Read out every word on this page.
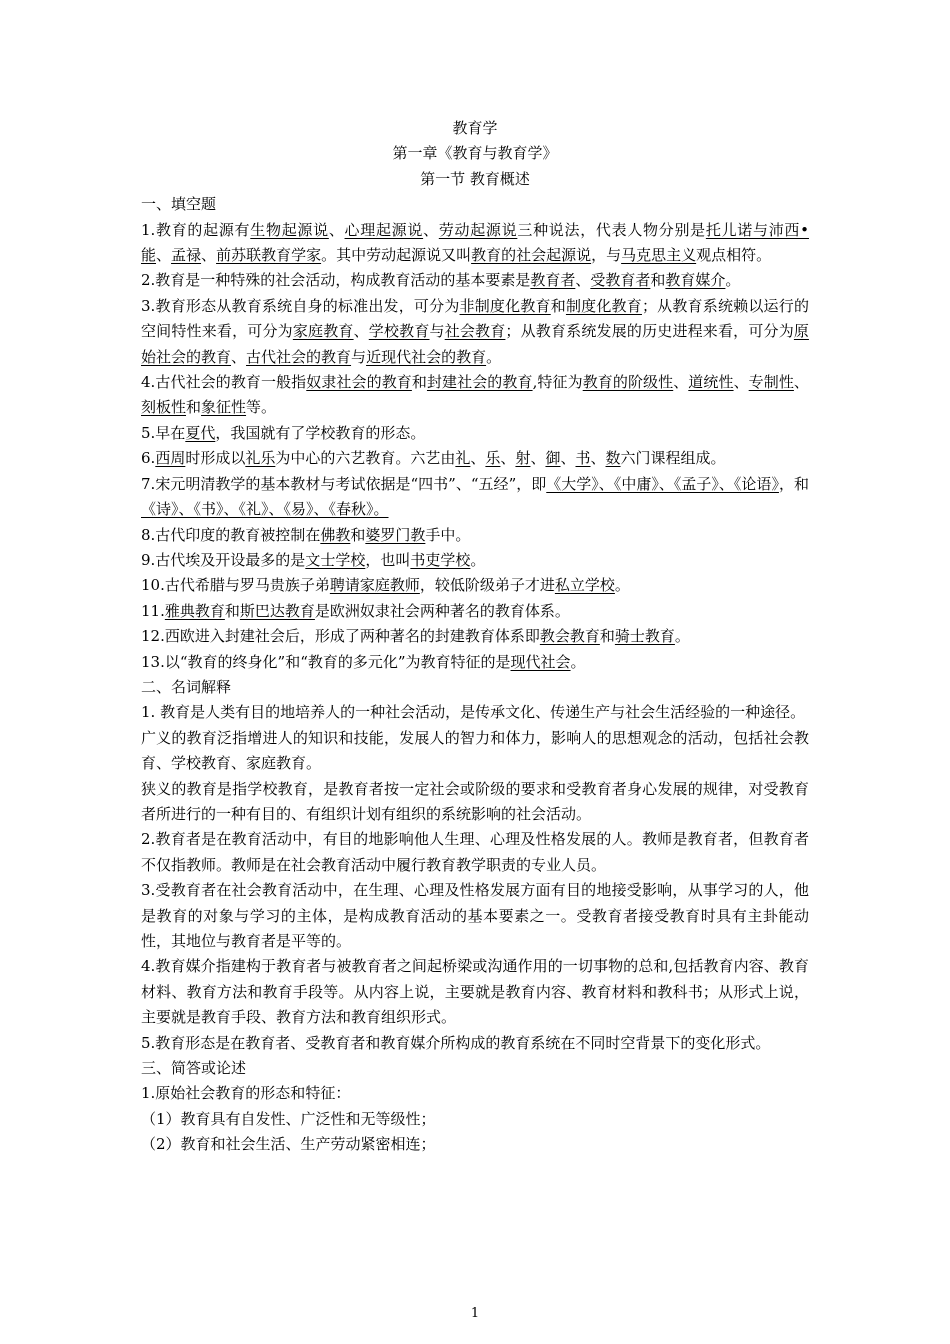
教育学
第一章《教育与教育学》
第一节 教育概述
一、填空题
1.教育的起源有生物起源说、心理起源说、劳动起源说三种说法，代表人物分别是托儿诺与沛西•能、孟禄、前苏联教育学家。其中劳动起源说又叫教育的社会起源说，与马克思主义观点相符。
2.教育是一种特殊的社会活动，构成教育活动的基本要素是教育者、受教育者和教育媒介。
3.教育形态从教育系统自身的标准出发，可分为非制度化教育和制度化教育；从教育系统赖以运行的空间特性来看，可分为家庭教育、学校教育与社会教育；从教育系统发展的历史进程来看，可分为原始社会的教育、古代社会的教育与近现代社会的教育。
4.古代社会的教育一般指奴隶社会的教育和封建社会的教育,特征为教育的阶级性、道统性、专制性、刻板性和象征性等。
5.早在夏代，我国就有了学校教育的形态。
6.西周时形成以礼乐为中心的六艺教育。六艺由礼、乐、射、御、书、数六门课程组成。
7.宋元明清教学的基本教材与考试依据是“四书”、“五经”，即《大学》、《中庸》、《孟子》、《论语》，和《诗》、《书》、《礼》、《易》、《春秋》。
8.古代印度的教育被控制在佛教和婆罗门教手中。
9.古代埃及开设最多的是文士学校，也叫书吏学校。
10.古代希腊与罗马贵族子弟聘请家庭教师，较低阶级弟子才进私立学校。
11.雅典教育和斯巴达教育是欧洲奴隶社会两种著名的教育体系。
12.西欧进入封建社会后，形成了两种著名的封建教育体系即教会教育和骑士教育。
13.以“教育的终身化”和“教育的多元化”为教育特征的是现代社会。
二、名词解释
1. 教育是人类有目的地培养人的一种社会活动，是传承文化、传递生产与社会生活经验的一种途径。
广义的教育泛指增进人的知识和技能，发展人的智力和体力，影响人的思想观念的活动，包括社会教育、学校教育、家庭教育。
狭义的教育是指学校教育，是教育者按一定社会或阶级的要求和受教育者身心发展的规律，对受教育者所进行的一种有目的、有组织计划有组织的系统影响的社会活动。
2.教育者是在教育活动中，有目的地影响他人生理、心理及性格发展的人。教师是教育者，但教育者不仅指教师。教师是在社会教育活动中履行教育教学职责的专业人员。
3.受教育者在社会教育活动中，在生理、心理及性格发展方面有目的地接受影响，从事学习的人，他是教育的对象与学习的主体，是构成教育活动的基本要素之一。受教育者接受教育时具有主卦能动性，其地位与教育者是平等的。
4.教育媒介指建构于教育者与被教育者之间起桥梁或沟通作用的一切事物的总和,包括教育内容、教育材料、教育方法和教育手段等。从内容上说，主要就是教育内容、教育材料和教科书；从形式上说，主要就是教育手段、教育方法和教育组织形式。
5.教育形态是在教育者、受教育者和教育媒介所构成的教育系统在不同时空背景下的变化形式。
三、简答或论述
1.原始社会教育的形态和特征：
（1）教育具有自发性、广泛性和无等级性；
（2）教育和社会生活、生产劳动紧密相连；
1
